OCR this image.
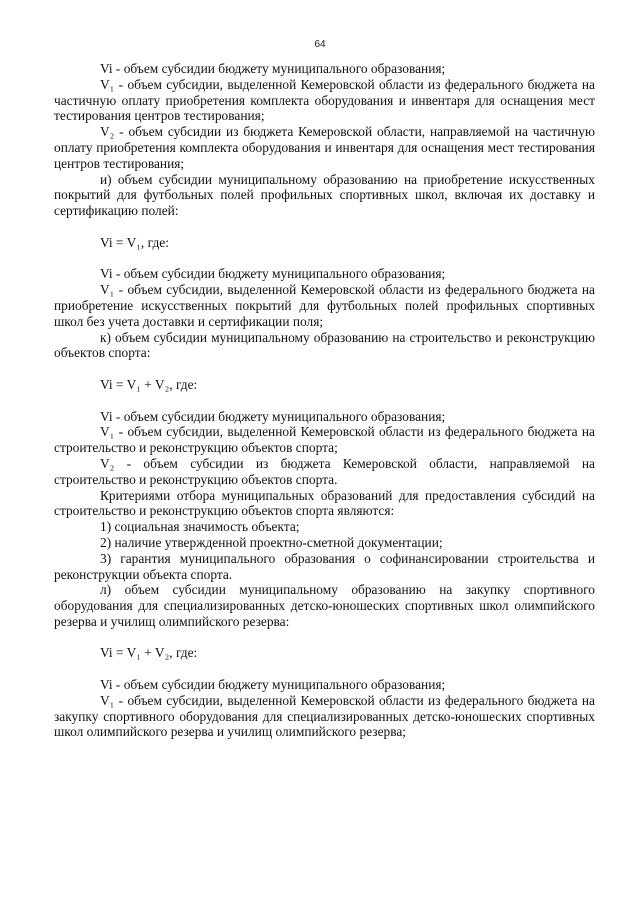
64

Vi - объем субсидии бюджету муниципального образования;

V₁ - объем субсидии, выделенной Кемеровской области из федерального бюджета на частичную оплату приобретения комплекта оборудования и инвентаря для оснащения мест тестирования центров тестирования;

V₂ - объем субсидии из бюджета Кемеровской области, направляемой на частичную оплату приобретения комплекта оборудования и инвентаря для оснащения мест тестирования центров тестирования;

и) объем субсидии муниципальному образованию на приобретение искусственных покрытий для футбольных полей профильных спортивных школ, включая их доставку и сертификацию полей:

Vi = V₁, где:

Vi - объем субсидии бюджету муниципального образования;

V₁ - объем субсидии, выделенной Кемеровской области из федерального бюджета на приобретение искусственных покрытий для футбольных полей профильных спортивных школ без учета доставки и сертификации поля;

к) объем субсидии муниципальному образованию на строительство и реконструкцию объектов спорта:

Vi = V₁ + V₂, где:

Vi - объем субсидии бюджету муниципального образования;

V₁ - объем субсидии, выделенной Кемеровской области из федерального бюджета на строительство и реконструкцию объектов спорта;

V₂ - объем субсидии из бюджета Кемеровской области, направляемой на строительство и реконструкцию объектов спорта.

Критериями отбора муниципальных образований для предоставления субсидий на строительство и реконструкцию объектов спорта являются:

1) социальная значимость объекта;

2) наличие утвержденной проектно-сметной документации;

3) гарантия муниципального образования о софинансировании строительства и реконструкции объекта спорта.

л) объем субсидии муниципальному образованию на закупку спортивного оборудования для специализированных детско-юношеских спортивных школ олимпийского резерва и училищ олимпийского резерва:

Vi = V₁ + V₂, где:

Vi - объем субсидии бюджету муниципального образования;

V₁ - объем субсидии, выделенной Кемеровской области из федерального бюджета на закупку спортивного оборудования для специализированных детско-юношеских спортивных школ олимпийского резерва и училищ олимпийского резерва;
